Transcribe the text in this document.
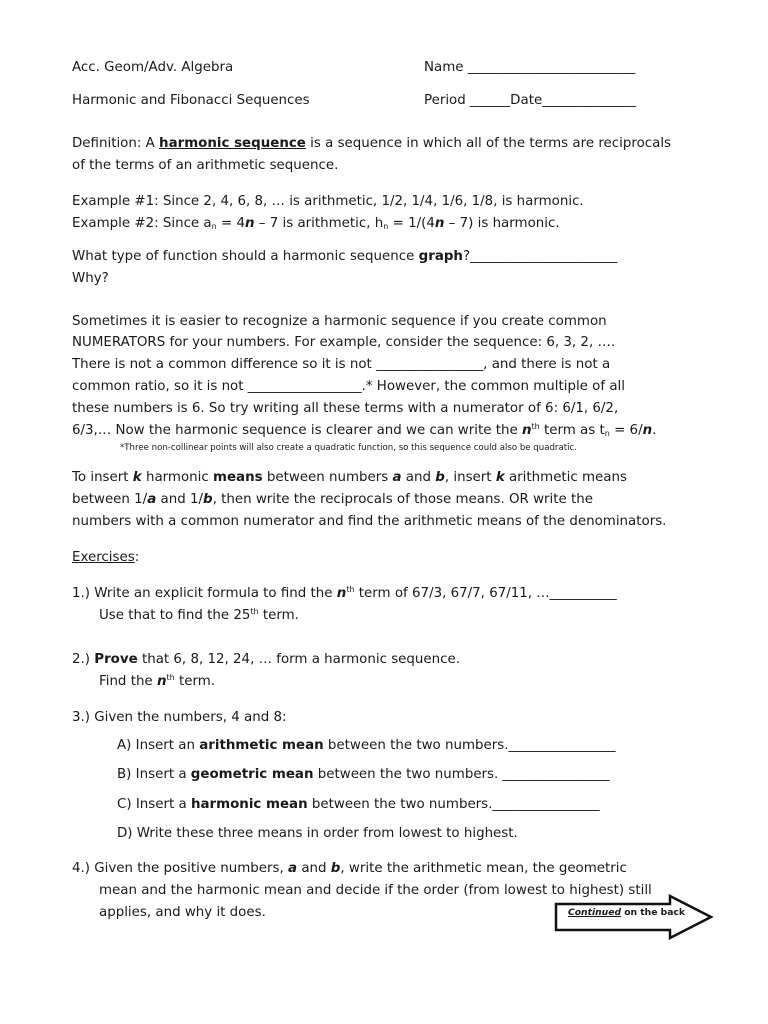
Acc. Geom/Adv. Algebra	Name _________________________
Harmonic and Fibonacci Sequences	Period ______Date______________
Definition: A harmonic sequence is a sequence in which all of the terms are reciprocals
of the terms of an arithmetic sequence.
Example #1: Since 2, 4, 6, 8, … is arithmetic, 1/2, 1/4, 1/6, 1/8, is harmonic.
Example #2: Since $a_n = 4n - 7$ is arithmetic, $h_n = 1/(4n - 7)$ is harmonic.
What type of function should a harmonic sequence graph?______________________
Why?
Sometimes it is easier to recognize a harmonic sequence if you create common
NUMERATORS for your numbers. For example, consider the sequence: 6, 3, 2, ….
There is not a common difference so it is not ________________, and there is not a
common ratio, so it is not _________________.* However, the common multiple of all
these numbers is 6. So try writing all these terms with a numerator of 6: 6/1, 6/2,
6/3,… Now the harmonic sequence is clearer and we can write the $n^{th}$ term as $t_n = 6/n$.
*Three non-collinear points will also create a quadratic function, so this sequence could also be quadratic.
To insert k harmonic means between numbers a and b, insert k arithmetic means
between 1/a and 1/b, then write the reciprocals of those means. OR write the
numbers with a common numerator and find the arithmetic means of the denominators.
Exercises:
1.) Write an explicit formula to find the $n^{th}$ term of 67/3, 67/7, 67/11, …__________
Use that to find the 25th term.
2.) Prove that 6, 8, 12, 24, … form a harmonic sequence.
Find the $n^{th}$ term.
3.) Given the numbers, 4 and 8:
A) Insert an arithmetic mean between the two numbers.________________
B) Insert a geometric mean between the two numbers. ________________
C) Insert a harmonic mean between the two numbers.________________
D) Write these three means in order from lowest to highest.
4.) Given the positive numbers, a and b, write the arithmetic mean, the geometric
mean and the harmonic mean and decide if the order (from lowest to highest) still
applies, and why it does.	Continued on the back
